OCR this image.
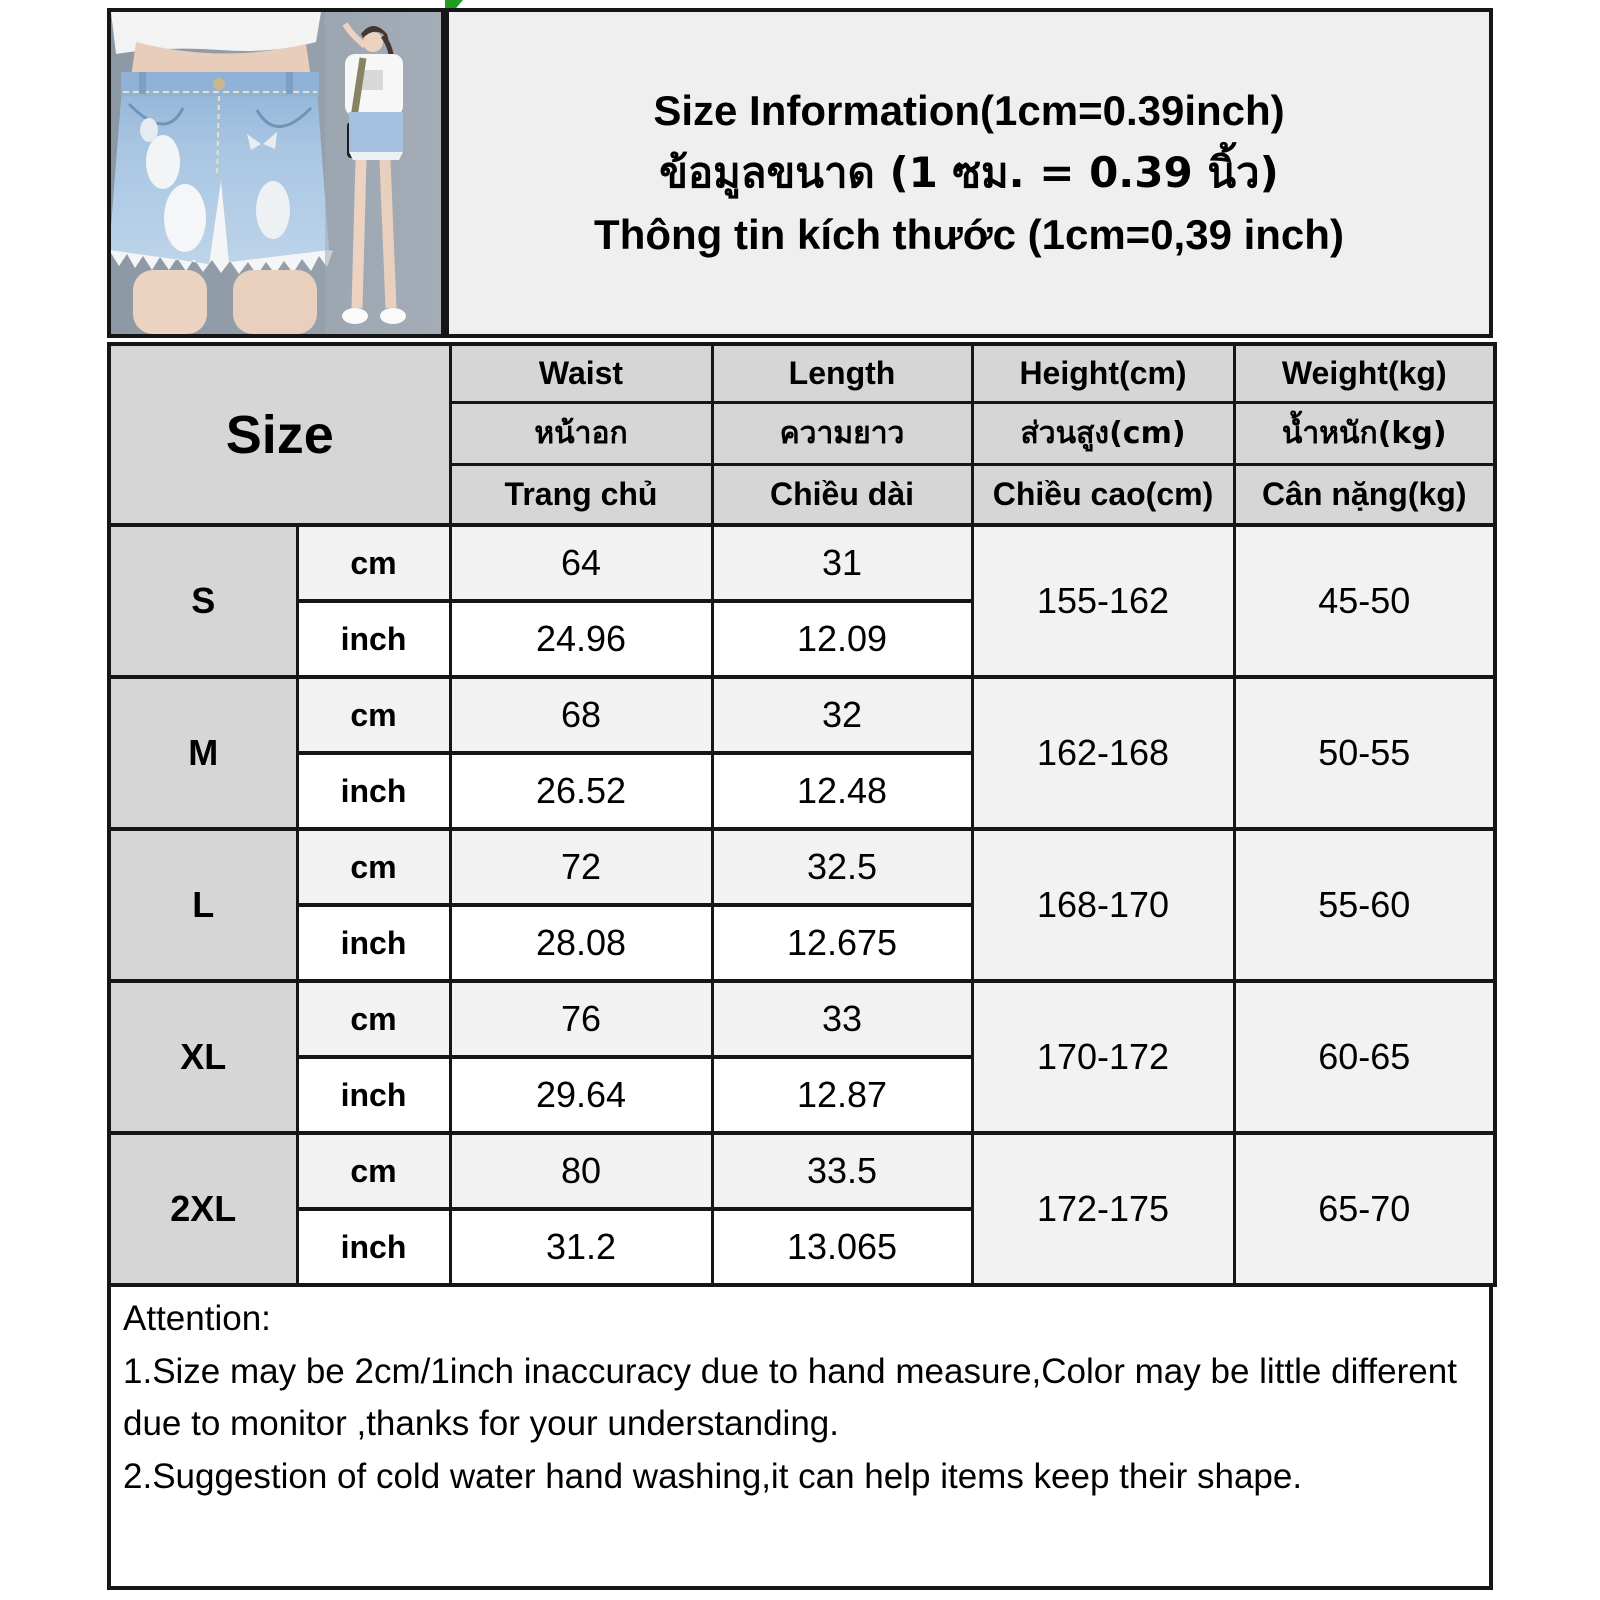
Size Information(1cm=0.39inch)
ข้อมูลขนาด (1 ซม. = 0.39 นิ้ว)
Thông tin kích thước (1cm=0,39 inch)
Size		Waist	Length	Height(cm)	Weight(kg)
		หน้าอก	ความยาว	ส่วนสูง(cm)	น้ำหนัก(kg)
		Trang chủ	Chiều dài	Chiều cao(cm)	Cân nặng(kg)
S	cm	64	31	155-162	45-50
	inch	24.96	12.09		
M	cm	68	32	162-168	50-55
	inch	26.52	12.48		
L	cm	72	32.5	168-170	55-60
	inch	28.08	12.675		
XL	cm	76	33	170-172	60-65
	inch	29.64	12.87		
2XL	cm	80	33.5	172-175	65-70
	inch	31.2	13.065		

Attention:

1.Size may be 2cm/1inch inaccuracy due to hand measure,Color may be little different due to monitor ,thanks for your understanding.

2.Suggestion of cold water hand washing,it can help items keep their shape.
